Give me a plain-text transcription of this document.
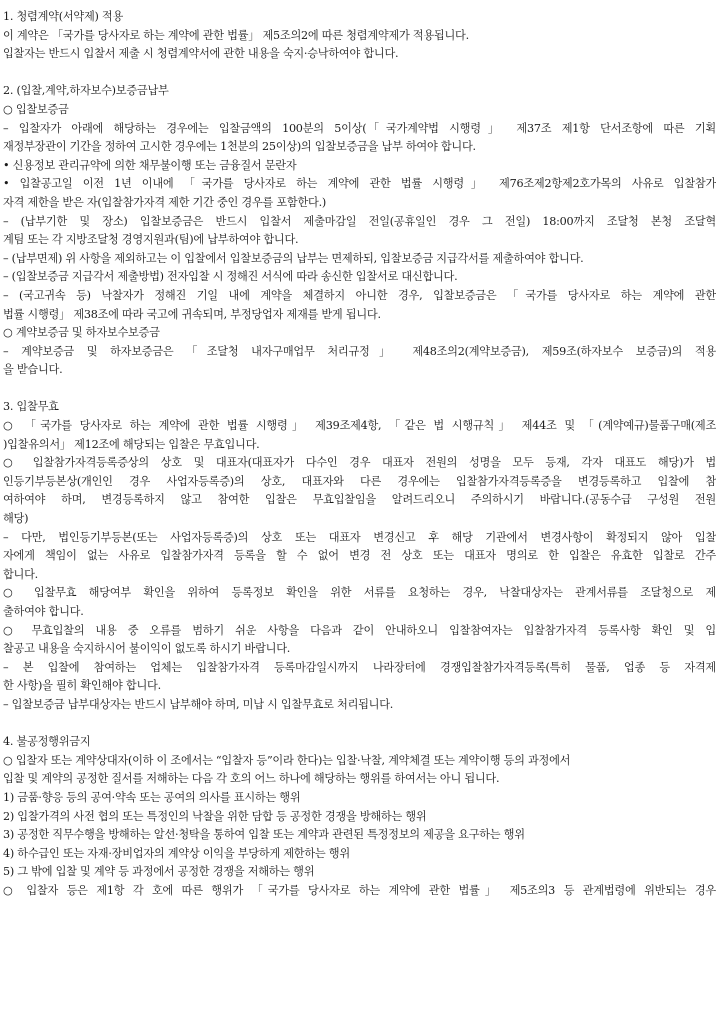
1. 청렴계약(서약제) 적용
이 계약은 「국가를 당사자로 하는 계약에 관한 법률」 제5조의2에 따른 청렴계약제가 적용됩니다.
입찰자는 반드시 입찰서 제출 시 청렴계약서에 관한 내용을 숙지·승낙하여야 합니다.
2. (입찰,계약,하자보수)보증금납부
○ 입찰보증금
– 입찰자가 아래에 해당하는 경우에는 입찰금액의 100분의 5이상(「국가계약법 시행령」 제37조 제1항 단서조항에 따른 기획
재정부장관이 기간을 정하여 고시한 경우에는 1천분의 25이상)의 입찰보증금을 납부 하여야 합니다.
• 신용정보 관리규약에 의한 채무불이행 또는 금융질서 문란자
• 입찰공고일 이전 1년 이내에 「국가를 당사자로 하는 계약에 관한 법률 시행령」 제76조제2항제2호가목의 사유로 입찰참가
자격 제한을 받은 자(입찰참가자격 제한 기간 중인 경우를 포함한다.)
– (납부기한 및 장소) 입찰보증금은 반드시 입찰서 제출마감일 전일(공휴일인 경우 그 전일) 18:00까지 조달청 본청 조달혁
계팀 또는 각 지방조달청 경영지원과(팀)에 납부하여야 합니다.
– (납부면제) 위 사항을 제외하고는 이 입찰에서 입찰보증금의 납부는 면제하되, 입찰보증금 지급각서를 제출하여야 합니다.
– (입찰보증금 지급각서 제출방법) 전자입찰 시 정해진 서식에 따라 송신한 입찰서로 대신합니다.
– (국고귀속 등) 낙찰자가 정해진 기일 내에 계약을 체결하지 아니한 경우, 입찰보증금은 「국가를 당사자로 하는 계약에 관한
법률 시행령」 제38조에 따라 국고에 귀속되며, 부정당업자 제재를 받게 됩니다.
○ 계약보증금 및 하자보수보증금
– 계약보증금 및 하자보증금은 「조달청 내자구매업무 처리규정」 제48조의2(계약보증금), 제59조(하자보수 보증금)의 적용
을 받습니다.
3. 입찰무효
○ 「국가를 당사자로 하는 계약에 관한 법률 시행령」 제39조제4항, 「같은 법 시행규칙」 제44조 및 「(계약예규)물품구매(제조
)입찰유의서」 제12조에 해당되는 입찰은 무효입니다.
○ 입찰참가자격등록증상의 상호 및 대표자(대표자가 다수인 경우 대표자 전원의 성명을 모두 등재, 각자 대표도 해당)가 법
인등기부등본상(개인인 경우 사업자등록증)의 상호, 대표자와 다른 경우에는 입찰참가자격등록증을 변경등록하고 입찰에 참
여하여야 하며, 변경등록하지 않고 참여한 입찰은 무효입찰임을 알려드리오니 주의하시기 바랍니다.(공동수급 구성원 전원
해당)
– 다만, 법인등기부등본(또는 사업자등록증)의 상호 또는 대표자 변경신고 후 해당 기관에서 변경사항이 확정되지 않아 입찰
자에게 책임이 없는 사유로 입찰참가자격 등록을 할 수 없어 변경 전 상호 또는 대표자 명의로 한 입찰은 유효한 입찰로 간주
합니다.
○ 입찰무효 해당여부 확인을 위하여 등록정보 확인을 위한 서류를 요청하는 경우, 낙찰대상자는 관계서류를 조달청으로 제
출하여야 합니다.
○ 무효입찰의 내용 중 오류를 범하기 쉬운 사항을 다음과 같이 안내하오니 입찰참여자는 입찰참가자격 등록사항 확인 및 입
찰공고 내용을 숙지하시어 불이익이 없도록 하시기 바랍니다.
– 본 입찰에 참여하는 업체는 입찰참가자격 등록마감일시까지 나라장터에 경쟁입찰참가자격등록(특히 물품, 업종 등 자격제
한 사항)을 필히 확인해야 합니다.
– 입찰보증금 납부대상자는 반드시 납부해야 하며, 미납 시 입찰무효로 처리됩니다.
4. 불공정행위금지
○ 입찰자 또는 계약상대자(이하 이 조에서는 “입찰자 등”이라 한다)는 입찰·낙찰, 계약체결 또는 계약이행 등의 과정에서
입찰 및 계약의 공정한 질서를 저해하는 다음 각 호의 어느 하나에 해당하는 행위를 하여서는 아니 됩니다.
1) 금품·향응 등의 공여·약속 또는 공여의 의사를 표시하는 행위
2) 입찰가격의 사전 협의 또는 특정인의 낙찰을 위한 담합 등 공정한 경쟁을 방해하는 행위
3) 공정한 직무수행을 방해하는 알선·청탁을 통하여 입찰 또는 계약과 관련된 특정정보의 제공을 요구하는 행위
4) 하수급인 또는 자재·장비업자의 계약상 이익을 부당하게 제한하는 행위
5) 그 밖에 입찰 및 계약 등 과정에서 공정한 경쟁을 저해하는 행위
○ 입찰자 등은 제1항 각 호에 따른 행위가 「국가를 당사자로 하는 계약에 관한 법률」 제5조의3 등 관계법령에 위반되는 경우
